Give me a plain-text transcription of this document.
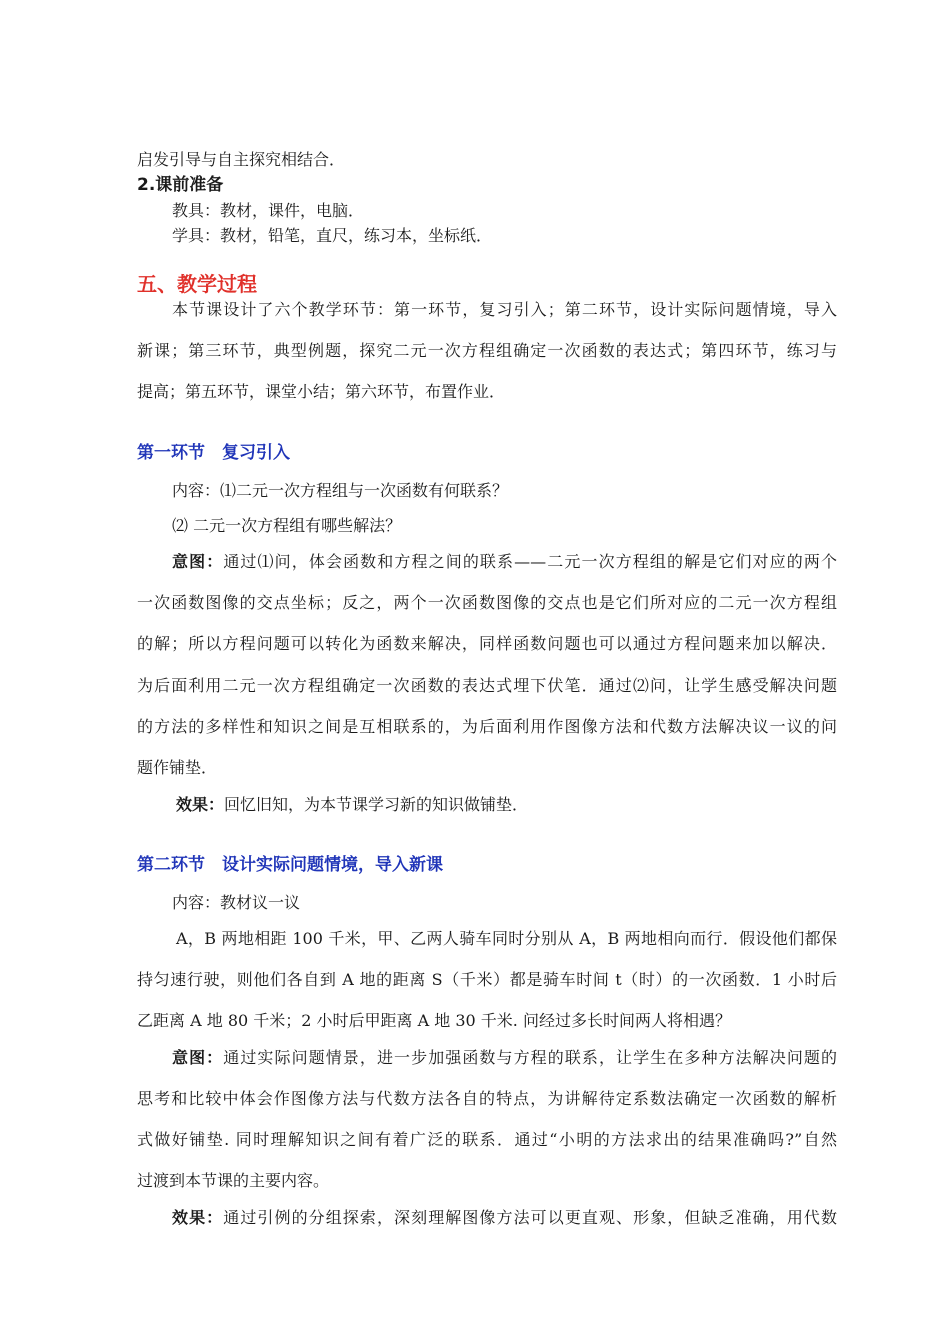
启发引导与自主探究相结合．
2.课前准备
教具：教材，课件，电脑．
学具：教材，铅笔，直尺，练习本，坐标纸．
五、教学过程
本节课设计了六个教学环节：第一环节，复习引入；第二环节，设计实际问题情境，导入
新课；第三环节，典型例题，探究二元一次方程组确定一次函数的表达式；第四环节，练习与
提高；第五环节，课堂小结；第六环节，布置作业．
第一环节　复习引入
内容：⑴二元一次方程组与一次函数有何联系？
⑵ 二元一次方程组有哪些解法？
意图：通过⑴问，体会函数和方程之间的联系——二元一次方程组的解是它们对应的两个
一次函数图像的交点坐标；反之，两个一次函数图像的交点也是它们所对应的二元一次方程组
的解；所以方程问题可以转化为函数来解决，同样函数问题也可以通过方程问题来加以解决．
为后面利用二元一次方程组确定一次函数的表达式埋下伏笔．通过⑵问，让学生感受解决问题
的方法的多样性和知识之间是互相联系的，为后面利用作图像方法和代数方法解决议一议的问
题作铺垫．
效果：回忆旧知，为本节课学习新的知识做铺垫．
第二环节　设计实际问题情境，导入新课
内容：教材议一议
A，B 两地相距 100 千米，甲、乙两人骑车同时分别从 A，B 两地相向而行．假设他们都保
持匀速行驶，则他们各自到 A 地的距离 S（千米）都是骑车时间 t（时）的一次函数．1 小时后
乙距离 A 地 80 千米；2 小时后甲距离 A 地 30 千米. 问经过多长时间两人将相遇？
意图：通过实际问题情景，进一步加强函数与方程的联系，让学生在多种方法解决问题的
思考和比较中体会作图像方法与代数方法各自的特点，为讲解待定系数法确定一次函数的解析
式做好铺垫. 同时理解知识之间有着广泛的联系．通过“小明的方法求出的结果准确吗?”自然
过渡到本节课的主要内容。
效果：通过引例的分组探索，深刻理解图像方法可以更直观、形象，但缺乏准确，用代数
